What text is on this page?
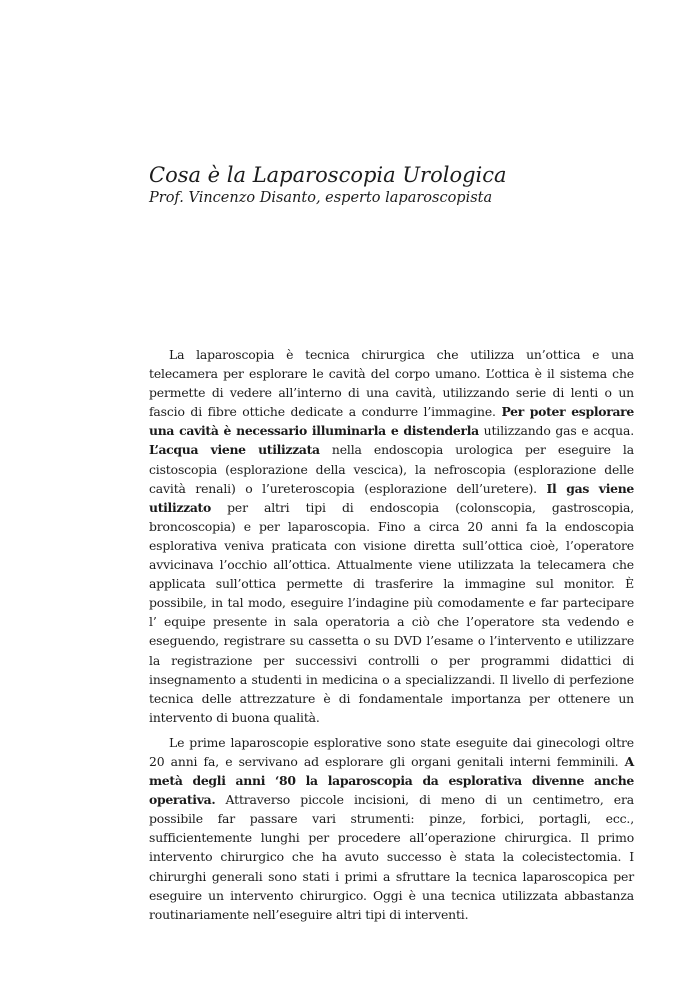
Cosa è la Laparoscopia Urologica

Prof. Vincenzo Disanto, esperto laparoscopista

La laparoscopia è tecnica chirurgica che utilizza un’ottica e una telecamera per esplorare le cavità del corpo umano. L’ottica è il sistema che permette di vedere all’interno di una cavità, utilizzando serie di lenti o un fascio di fibre ottiche dedicate a condurre l’immagine. Per poter esplorare una cavità è necessario illuminarla e distenderla utilizzando gas e acqua. L’acqua viene utilizzata nella endoscopia urologica per eseguire la cistoscopia (esplorazione della vescica), la nefroscopia (esplorazione delle cavità renali) o l’ureteroscopia (esplorazione dell’uretere). Il gas viene utilizzato per altri tipi di endoscopia (colonscopia, gastroscopia, broncoscopia) e per laparoscopia. Fino a circa 20 anni fa la endoscopia esplorativa veniva praticata con visione diretta sull’ottica cioè, l’operatore avvicinava l’occhio all’ottica. Attualmente viene utilizzata la telecamera che applicata sull’ottica permette di trasferire la immagine sul monitor. È possibile, in tal modo, eseguire l’indagine più comodamente e far partecipare l’ equipe presente in sala operatoria a ciò che l’operatore sta vedendo e eseguendo, registrare su cassetta o su DVD l’esame o l’intervento e utilizzare la registrazione per successivi controlli o per programmi didattici di insegnamento a studenti in medicina o a specializzandi. Il livello di perfezione tecnica delle attrezzature è di fondamentale importanza per ottenere un intervento di buona qualità.

Le prime laparoscopie esplorative sono state eseguite dai ginecologi oltre 20 anni fa, e servivano ad esplorare gli organi genitali interni femminili. A metà degli anni ‘80 la laparoscopia da esplorativa divenne anche operativa. Attraverso piccole incisioni, di meno di un centimetro, era possibile far passare vari strumenti: pinze, forbici, portagli, ecc., sufficientemente lunghi per procedere all’operazione chirurgica. Il primo intervento chirurgico che ha avuto successo è stata la colecistectomia. I chirurghi generali sono stati i primi a sfruttare la tecnica laparoscopica per eseguire un intervento chirurgico. Oggi è una tecnica utilizzata abbastanza routinariamente nell’eseguire altri tipi di interventi.
